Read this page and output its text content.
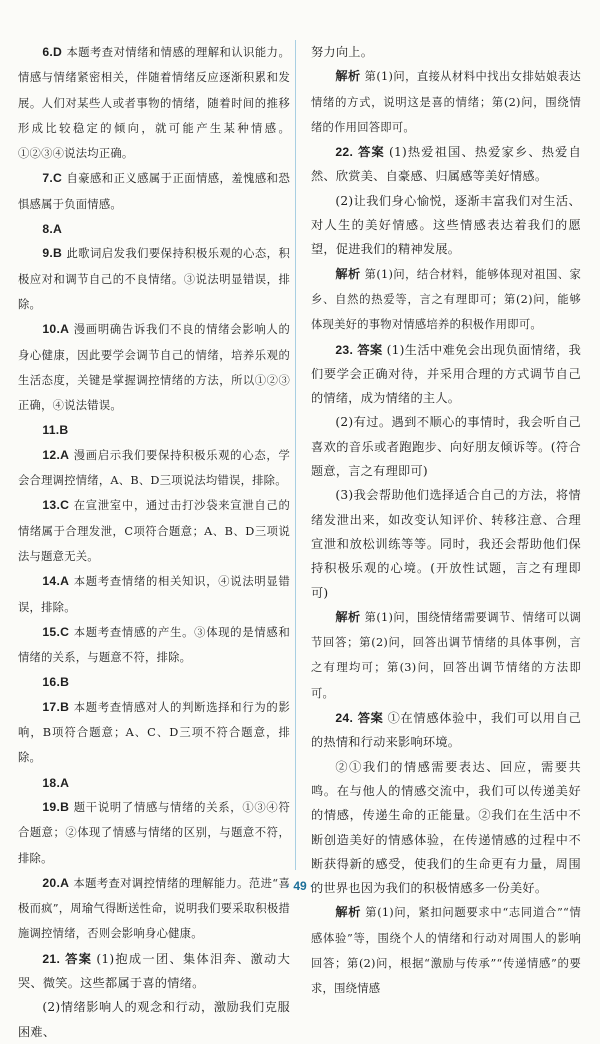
6.D 本题考查对情绪和情感的理解和认识能力。情感与情绪紧密相关，伴随着情绪反应逐渐积累和发展。人们对某些人或者事物的情绪，随着时间的推移形成比较稳定的倾向，就可能产生某种情感。①②③④说法均正确。

7.C 自豪感和正义感属于正面情感，羞愧感和恐惧感属于负面情感。

8.A

9.B 此歌词启发我们要保持积极乐观的心态，积极应对和调节自己的不良情绪。③说法明显错误，排除。

10.A 漫画明确告诉我们不良的情绪会影响人的身心健康，因此要学会调节自己的情绪，培养乐观的生活态度，关键是掌握调控情绪的方法，所以①②③正确，④说法错误。

11.B

12.A 漫画启示我们要保持积极乐观的心态，学会合理调控情绪，A、B、D三项说法均错误，排除。

13.C 在宣泄室中，通过击打沙袋来宣泄自己的情绪属于合理发泄，C项符合题意；A、B、D三项说法与题意无关。

14.A 本题考查情绪的相关知识，④说法明显错误，排除。

15.C 本题考查情感的产生。③体现的是情感和情绪的关系，与题意不符，排除。

16.B

17.B 本题考查情感对人的判断选择和行为的影响，B项符合题意；A、C、D三项不符合题意，排除。

18.A

19.B 题干说明了情感与情绪的关系，①③④符合题意；②体现了情感与情绪的区别，与题意不符，排除。

20.A 本题考查对调控情绪的理解能力。范进“喜极而疯”，周瑜气得断送性命，说明我们要采取积极措施调控情绪，否则会影响身心健康。

21. 答案 (1)抱成一团、集体泪奔、激动大哭、微笑。这些都属于喜的情绪。

(2)情绪影响人的观念和行动，激励我们克服困难、

努力向上。

解析 第(1)问，直接从材料中找出女排姑娘表达情绪的方式，说明这是喜的情绪；第(2)问，围绕情绪的作用回答即可。

22. 答案 (1)热爱祖国、热爱家乡、热爱自然、欣赏美、自豪感、归属感等美好情感。

(2)让我们身心愉悦，逐渐丰富我们对生活、对人生的美好情感。这些情感表达着我们的愿望，促进我们的精神发展。

解析 第(1)问，结合材料，能够体现对祖国、家乡、自然的热爱等，言之有理即可；第(2)问，能够体现美好的事物对情感培养的积极作用即可。

23. 答案 (1)生活中难免会出现负面情绪，我们要学会正确对待，并采用合理的方式调节自己的情绪，成为情绪的主人。

(2)有过。遇到不顺心的事情时，我会听自己喜欢的音乐或者跑跑步、向好朋友倾诉等。(符合题意，言之有理即可)

(3)我会帮助他们选择适合自己的方法，将情绪发泄出来，如改变认知评价、转移注意、合理宣泄和放松训练等等。同时，我还会帮助他们保持积极乐观的心境。(开放性试题，言之有理即可)

解析 第(1)问，围绕情绪需要调节、情绪可以调节回答；第(2)问，回答出调节情绪的具体事例，言之有理均可；第(3)问，回答出调节情绪的方法即可。

24. 答案 ①在情感体验中，我们可以用自己的热情和行动来影响环境。

②①我们的情感需要表达、回应，需要共鸣。在与他人的情感交流中，我们可以传递美好的情感，传递生命的正能量。②我们在生活中不断创造美好的情感体验，在传递情感的过程中不断获得新的感受，使我们的生命更有力量，周围的世界也因为我们的积极情感多一份美好。

解析 第(1)问，紧扣问题要求中“志同道合”“情感体验”等，围绕个人的情绪和行动对周围人的影响回答；第(2)问，根据“激励与传承”“传递情感”的要求，围绕情感

· 49 ·
